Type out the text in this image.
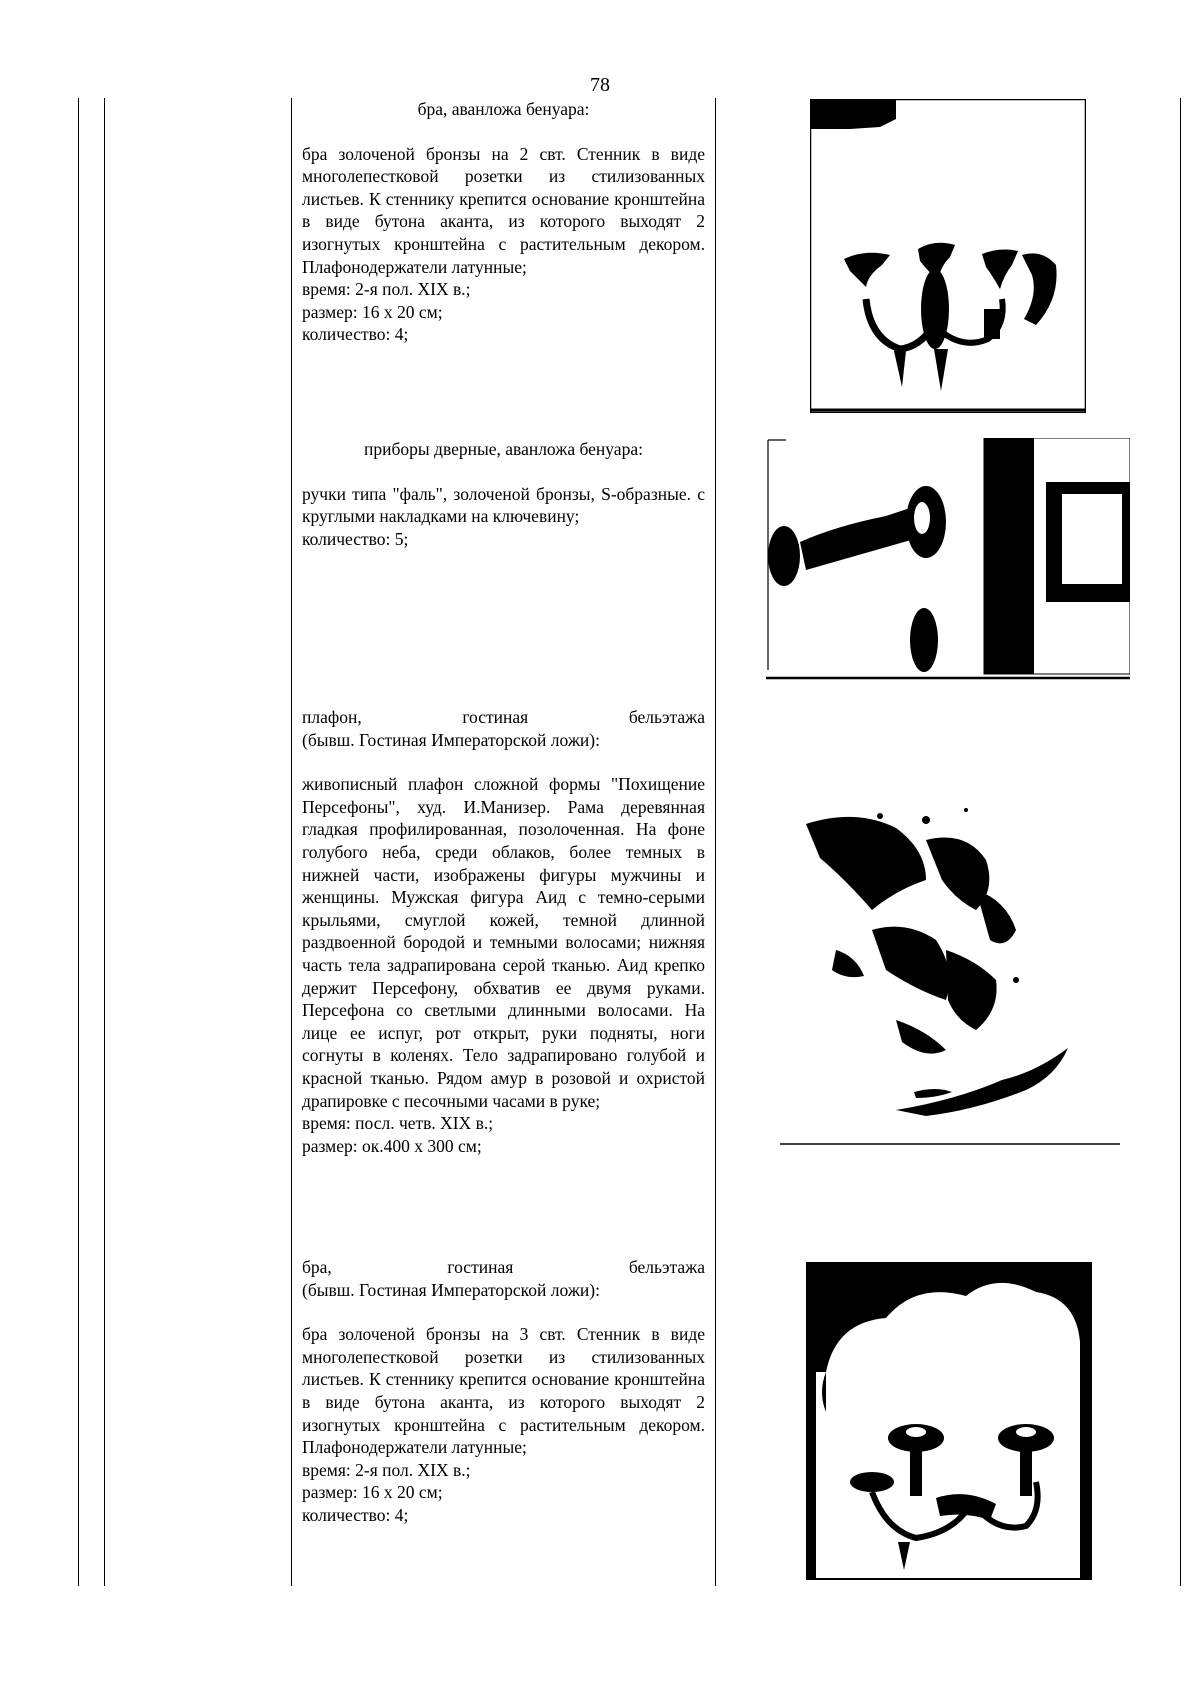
78

бра, аванложа бенуара:

бра золоченой бронзы на 2 свт. Стенник в виде многолепестковой розетки из стилизованных листьев. К стеннику крепится основание кронштейна в виде бутона аканта, из которого выходят 2 изогнутых кронштейна с растительным декором. Плафонодержатели латунные;

время: 2-я пол. XIX в.;
размер: 16 х 20 см;
количество: 4;

приборы дверные, аванложа бенуара:

ручки типа "фаль", золоченой бронзы, S-образные. с круглыми накладками на ключевину;

количество: 5;

плафон, гостиная бельэтажа

(бывш. Гостиная Императорской ложи):

живописный плафон сложной формы "Похищение Персефоны", худ. И.Манизер. Рама деревянная гладкая профилированная, позолоченная. На фоне голубого неба, среди облаков, более темных в нижней части, изображены фигуры мужчины и женщины. Мужская фигура Аид с темно-серыми крыльями, смуглой кожей, темной длинной раздвоенной бородой и темными волосами; нижняя часть тела задрапирована серой тканью. Аид крепко держит Персефону, обхватив ее двумя руками. Персефона со светлыми длинными волосами. На лице ее испуг, рот открыт, руки подняты, ноги согнуты в коленях. Тело задрапировано голубой и красной тканью. Рядом амур в розовой и охристой драпировке с песочными часами в руке;

время: посл. четв. XIX в.;
размер: ок.400 х 300 см;

бра, гостиная бельэтажа

(бывш. Гостиная Императорской ложи):

бра золоченой бронзы на 3 свт. Стенник в виде многолепестковой розетки из стилизованных листьев. К стеннику крепится основание кронштейна в виде бутона аканта, из которого выходят 2 изогнутых кронштейна с растительным декором. Плафонодержатели латунные;

время: 2-я пол. XIX в.;
размер: 16 х 20 см;
количество: 4;
